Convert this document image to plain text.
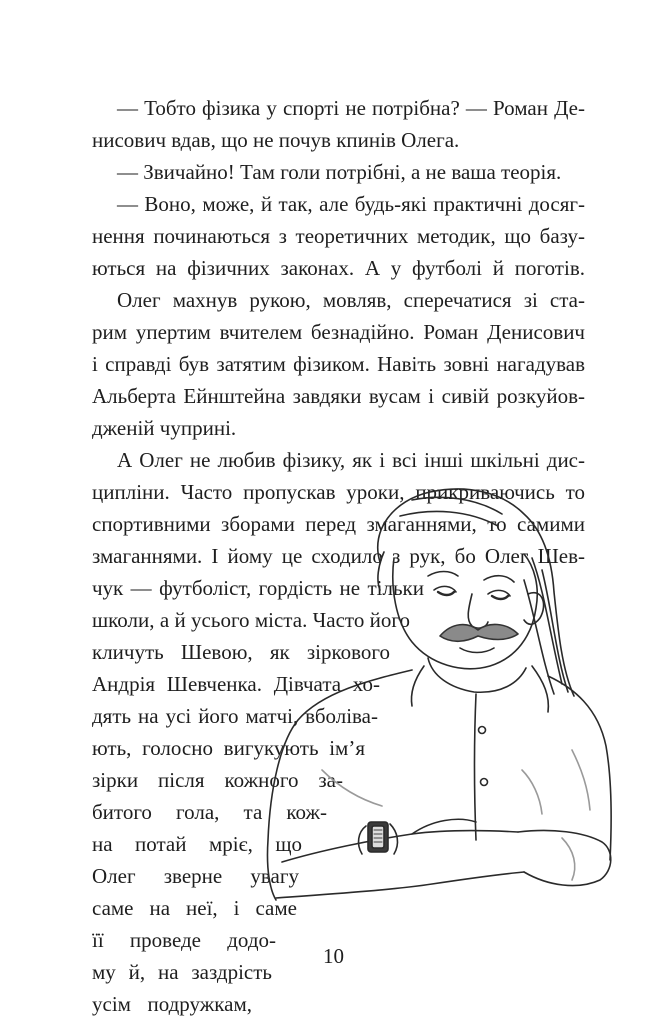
— Тобто фізика у спорті не потрібна? — Роман Де-
нисович вдав, що не почув кпинів Олега.
— Звичайно! Там голи потрібні, а не ваша теорія.
— Воно, може, й так, але будь-які практичні досяг-
нення починаються з теоретичних методик, що базу-
ються на фізичних законах. А у футболі й поготів.
Олег махнув рукою, мовляв, сперечатися зі ста-
рим упертим вчителем безнадійно. Роман Денисович
і справді був затятим фізиком. Навіть зовні нагадував
Альберта Ейнштейна завдяки вусам і сивій розкуйов-
дженій чуприні.
А Олег не любив фізику, як і всі інші шкільні дис-
ципліни. Часто пропускав уроки, прикриваючись то
спортивними зборами перед змаганнями, то самими
змаганнями. І йому це сходило з рук, бо Олег Шев-
чук — футболіст, гордість не тільки
школи, а й усього міста. Часто його
кличуть Шевою, як зіркового
Андрія Шевченка. Дівчата хо-
дять на усі його матчі, вболіва-
ють, голосно вигукують ім’я
зірки після кожного за-
битого гола, та кож-
на потай мріє, що
Олег зверне увагу
саме на неї, і саме
її проведе додо-
му й, на заздрість
усім подружкам,
10
